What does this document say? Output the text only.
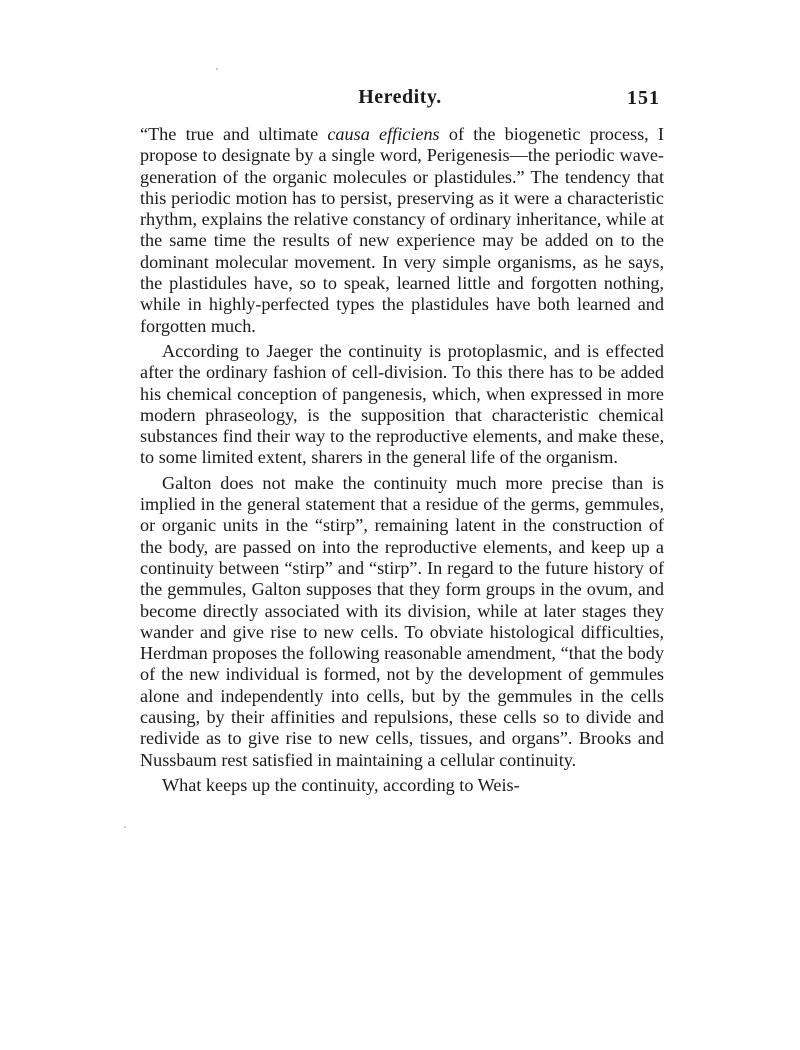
Heredity.	151

“The true and ultimate causa efficiens of the biogenetic process, I propose to designate by a single word, Perigenesis—the periodic wave-generation of the organic molecules or plastidules.” The tendency that this periodic motion has to persist, preserving as it were a characteristic rhythm, explains the relative constancy of ordinary inheritance, while at the same time the results of new experience may be added on to the dominant molecular movement. In very simple organisms, as he says, the plastidules have, so to speak, learned little and forgotten nothing, while in highly-perfected types the plastidules have both learned and forgotten much.

According to Jaeger the continuity is protoplasmic, and is effected after the ordinary fashion of cell-division. To this there has to be added his chemical conception of pangenesis, which, when expressed in more modern phraseology, is the supposition that characteristic chemical substances find their way to the reproductive elements, and make these, to some limited extent, sharers in the general life of the organism.

Galton does not make the continuity much more precise than is implied in the general statement that a residue of the germs, gemmules, or organic units in the “stirp”, remaining latent in the construction of the body, are passed on into the reproductive elements, and keep up a continuity between “stirp” and “stirp”. In regard to the future history of the gemmules, Galton supposes that they form groups in the ovum, and become directly associated with its division, while at later stages they wander and give rise to new cells. To obviate histological difficulties, Herdman proposes the following reasonable amendment, “that the body of the new individual is formed, not by the development of gemmules alone and independently into cells, but by the gemmules in the cells causing, by their affinities and repulsions, these cells so to divide and redivide as to give rise to new cells, tissues, and organs”. Brooks and Nussbaum rest satisfied in maintaining a cellular continuity.

What keeps up the continuity, according to Weis-
